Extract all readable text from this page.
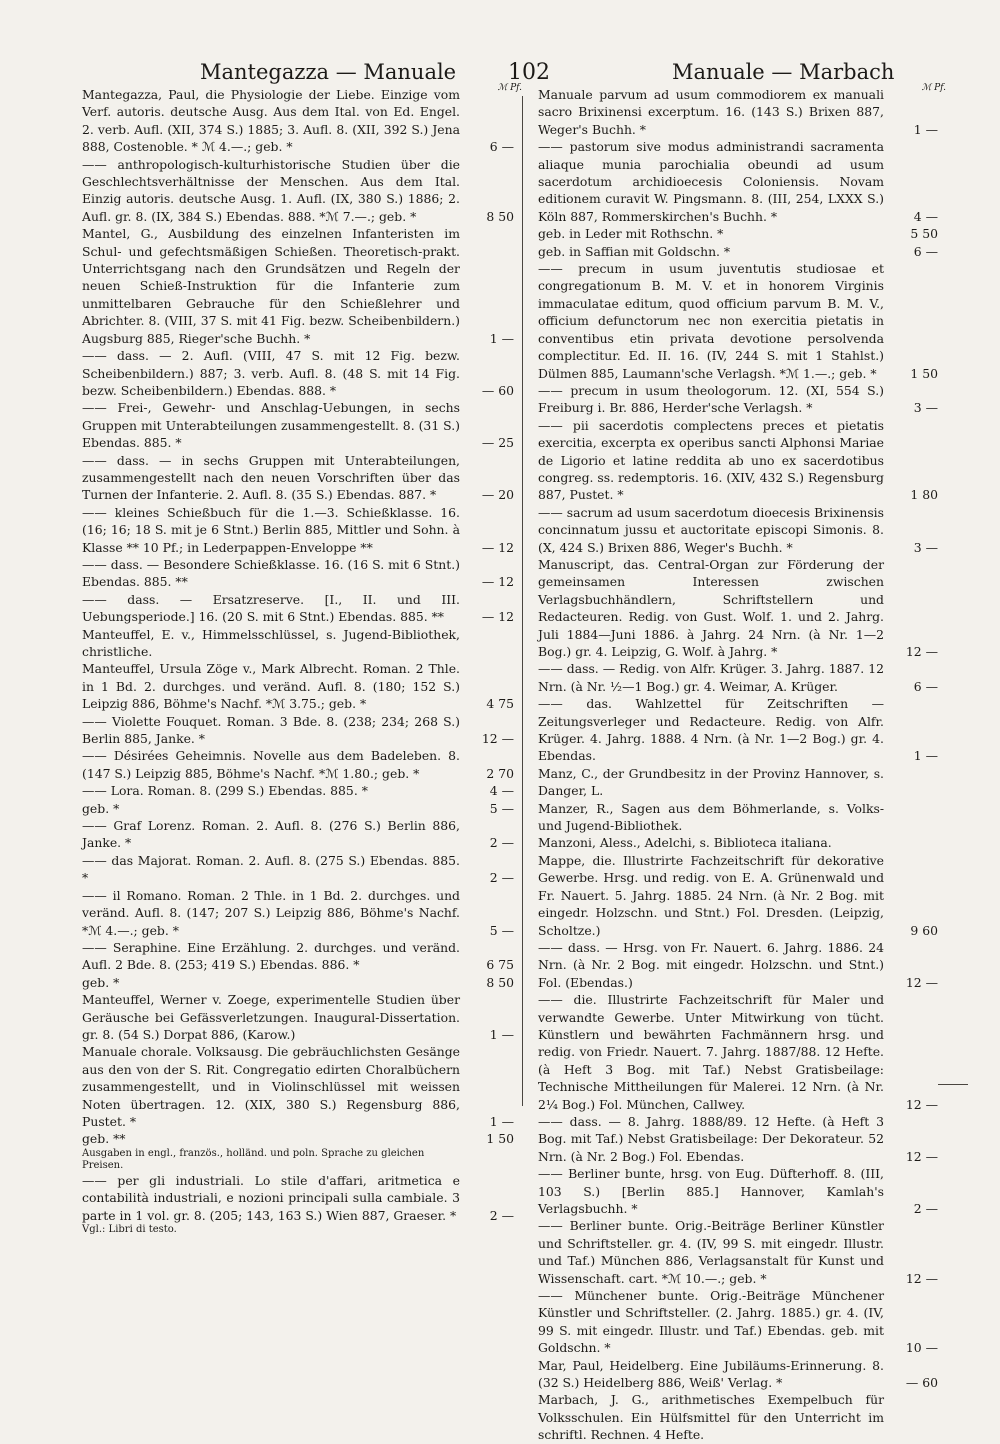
Mantegazza — Manuale 102	Manuale — Marbach
ℳ Pf.
Mantegazza, Paul, die Physiologie der Liebe. Einzige vom Verf. autoris. deutsche Ausg. Aus dem Ital. von Ed. Engel. 2. verb. Aufl. (XII, 374 S.) 1885; 3. Aufl. 8. (XII, 392 S.) Jena 888, Costenoble. * ℳ 4.—.; geb. *	6 —
—— anthropologisch-kulturhistorische Studien über die Geschlechtsverhältnisse der Menschen. Aus dem Ital. Einzig autoris. deutsche Ausg. 1. Aufl. (IX, 380 S.) 1886; 2. Aufl. gr. 8. (IX, 384 S.) Ebendas. 888. *ℳ 7.—.; geb. *	8 50
Mantel, G., Ausbildung des einzelnen Infanteristen im Schul- und gefechtsmäßigen Schießen. Theoretisch-prakt. Unterrichtsgang nach den Grundsätzen und Regeln der neuen Schieß-Instruktion für die Infanterie zum unmittelbaren Gebrauche für den Schießlehrer und Abrichter. 8. (VIII, 37 S. mit 41 Fig. bezw. Scheibenbildern.) Augsburg 885, Rieger'sche Buchh. *	1 —
—— dass. — 2. Aufl. (VIII, 47 S. mit 12 Fig. bezw. Scheibenbildern.) 887; 3. verb. Aufl. 8. (48 S. mit 14 Fig. bezw. Scheibenbildern.) Ebendas. 888. *	— 60
—— Frei-, Gewehr- und Anschlag-Uebungen, in sechs Gruppen mit Unterabteilungen zusammengestellt. 8. (31 S.) Ebendas. 885. *	— 25
—— dass. — in sechs Gruppen mit Unterabteilungen, zusammengestellt nach den neuen Vorschriften über das Turnen der Infanterie. 2. Aufl. 8. (35 S.) Ebendas. 887. *	— 20
—— kleines Schießbuch für die 1.—3. Schießklasse. 16. (16; 16; 18 S. mit je 6 Stnt.) Berlin 885, Mittler und Sohn. à Klasse ** 10 Pf.; in Lederpappen-Enveloppe **	— 12
—— dass. — Besondere Schießklasse. 16. (16 S. mit 6 Stnt.) Ebendas. 885. **	— 12
—— dass. — Ersatzreserve. [I., II. und III. Uebungsperiode.] 16. (20 S. mit 6 Stnt.) Ebendas. 885. **	— 12
Manteuffel, E. v., Himmelsschlüssel, s. Jugend-Bibliothek, christliche.
Manteuffel, Ursula Zöge v., Mark Albrecht. Roman. 2 Thle. in 1 Bd. 2. durchges. und veränd. Aufl. 8. (180; 152 S.) Leipzig 886, Böhme's Nachf. *ℳ 3.75.; geb. *	4 75
—— Violette Fouquet. Roman. 3 Bde. 8. (238; 234; 268 S.) Berlin 885, Janke. *	12 —
—— Désirées Geheimnis. Novelle aus dem Badeleben. 8. (147 S.) Leipzig 885, Böhme's Nachf. *ℳ 1.80.; geb. *	2 70
—— Lora. Roman. 8. (299 S.) Ebendas. 885. *	4 —
geb. *	5 —
—— Graf Lorenz. Roman. 2. Aufl. 8. (276 S.) Berlin 886, Janke. *	2 —
—— das Majorat. Roman. 2. Aufl. 8. (275 S.) Ebendas. 885. *	2 —
—— il Romano. Roman. 2 Thle. in 1 Bd. 2. durchges. und veränd. Aufl. 8. (147; 207 S.) Leipzig 886, Böhme's Nachf. *ℳ 4.—.; geb. *	5 —
—— Seraphine. Eine Erzählung. 2. durchges. und veränd. Aufl. 2 Bde. 8. (253; 419 S.) Ebendas. 886. *	6 75
geb. *	8 50
Manteuffel, Werner v. Zoege, experimentelle Studien über Geräusche bei Gefässverletzungen. Inaugural-Dissertation. gr. 8. (54 S.) Dorpat 886, (Karow.)	1 —
Manuale chorale. Volksausg. Die gebräuchlichsten Gesänge aus den von der S. Rit. Congregatio edirten Choralbüchern zusammengestellt, und in Violinschlüssel mit weissen Noten übertragen. 12. (XIX, 380 S.) Regensburg 886, Pustet. *	1 —
geb. **	1 50
Ausgaben in engl., französ., holländ. und poln. Sprache zu gleichen Preisen.
—— per gli industriali. Lo stile d'affari, aritmetica e contabilità industriali, e nozioni principali sulla cambiale. 3 parte in 1 vol. gr. 8. (205; 143, 163 S.) Wien 887, Graeser. *	2 —
Vgl.: Libri di testo.
ℳ Pf.
Manuale parvum ad usum commodiorem ex manuali sacro Brixinensi excerptum. 16. (143 S.) Brixen 887, Weger's Buchh. *	1 —
—— pastorum sive modus administrandi sacramenta aliaque munia parochialia obeundi ad usum sacerdotum archidioecesis Coloniensis. Novam editionem curavit W. Pingsmann. 8. (III, 254, LXXX S.) Köln 887, Rommerskirchen's Buchh. *	4 —
geb. in Leder mit Rothschn. *	5 50
geb. in Saffian mit Goldschn. *	6 —
—— precum in usum juventutis studiosae et congregationum B. M. V. et in honorem Virginis immaculatae editum, quod officium parvum B. M. V., officium defunctorum nec non exercitia pietatis in conventibus etin privata devotione persolvenda complectitur. Ed. II. 16. (IV, 244 S. mit 1 Stahlst.) Dülmen 885, Laumann'sche Verlagsh. *ℳ 1.—.; geb. *	1 50
—— precum in usum theologorum. 12. (XI, 554 S.) Freiburg i. Br. 886, Herder'sche Verlagsh. *	3 —
—— pii sacerdotis complectens preces et pietatis exercitia, excerpta ex operibus sancti Alphonsi Mariae de Ligorio et latine reddita ab uno ex sacerdotibus congreg. ss. redemptoris. 16. (XIV, 432 S.) Regensburg 887, Pustet. *	1 80
—— sacrum ad usum sacerdotum dioecesis Brixinensis concinnatum jussu et auctoritate episcopi Simonis. 8. (X, 424 S.) Brixen 886, Weger's Buchh. *	3 —
Manuscript, das. Central-Organ zur Förderung der gemeinsamen Interessen zwischen Verlagsbuchhändlern, Schriftstellern und Redacteuren. Redig. von Gust. Wolf. 1. und 2. Jahrg. Juli 1884—Juni 1886. à Jahrg. 24 Nrn. (à Nr. 1—2 Bog.) gr. 4. Leipzig, G. Wolf. à Jahrg. *	12 —
—— dass. — Redig. von Alfr. Krüger. 3. Jahrg. 1887. 12 Nrn. (à Nr. ½—1 Bog.) gr. 4. Weimar, A. Krüger.	6 —
—— das. Wahlzettel für Zeitschriften — Zeitungsverleger und Redacteure. Redig. von Alfr. Krüger. 4. Jahrg. 1888. 4 Nrn. (à Nr. 1—2 Bog.) gr. 4. Ebendas.	1 —
Manz, C., der Grundbesitz in der Provinz Hannover, s. Danger, L.
Manzer, R., Sagen aus dem Böhmerlande, s. Volks- und Jugend-Bibliothek.
Manzoni, Aless., Adelchi, s. Biblioteca italiana.
Mappe, die. Illustrirte Fachzeitschrift für dekorative Gewerbe. Hrsg. und redig. von E. A. Grünenwald und Fr. Nauert. 5. Jahrg. 1885. 24 Nrn. (à Nr. 2 Bog. mit eingedr. Holzschn. und Stnt.) Fol. Dresden. (Leipzig, Scholtze.)	9 60
—— dass. — Hrsg. von Fr. Nauert. 6. Jahrg. 1886. 24 Nrn. (à Nr. 2 Bog. mit eingedr. Holzschn. und Stnt.) Fol. (Ebendas.)	12 —
—— die. Illustrirte Fachzeitschrift für Maler und verwandte Gewerbe. Unter Mitwirkung von tücht. Künstlern und bewährten Fachmännern hrsg. und redig. von Friedr. Nauert. 7. Jahrg. 1887/88. 12 Hefte. (à Heft 3 Bog. mit Taf.) Nebst Gratisbeilage: Technische Mittheilungen für Malerei. 12 Nrn. (à Nr. 2¼ Bog.) Fol. München, Callwey.	12 —
—— dass. — 8. Jahrg. 1888/89. 12 Hefte. (à Heft 3 Bog. mit Taf.) Nebst Gratisbeilage: Der Dekorateur. 52 Nrn. (à Nr. 2 Bog.) Fol. Ebendas.	12 —
—— Berliner bunte, hrsg. von Eug. Düfterhoff. 8. (III, 103 S.) [Berlin 885.] Hannover, Kamlah's Verlagsbuchh. *	2 —
—— Berliner bunte. Orig.-Beiträge Berliner Künstler und Schriftsteller. gr. 4. (IV, 99 S. mit eingedr. Illustr. und Taf.) München 886, Verlagsanstalt für Kunst und Wissenschaft. cart. *ℳ 10.—.; geb. *	12 —
—— Münchener bunte. Orig.-Beiträge Münchener Künstler und Schriftsteller. (2. Jahrg. 1885.) gr. 4. (IV, 99 S. mit eingedr. Illustr. und Taf.) Ebendas. geb. mit Goldschn. *	10 —
Mar, Paul, Heidelberg. Eine Jubiläums-Erinnerung. 8. (32 S.) Heidelberg 886, Weiß' Verlag. *	— 60
Marbach, J. G., arithmetisches Exempelbuch für Volksschulen. Ein Hülfsmittel für den Unterricht im schriftl. Rechnen. 4 Hefte.
